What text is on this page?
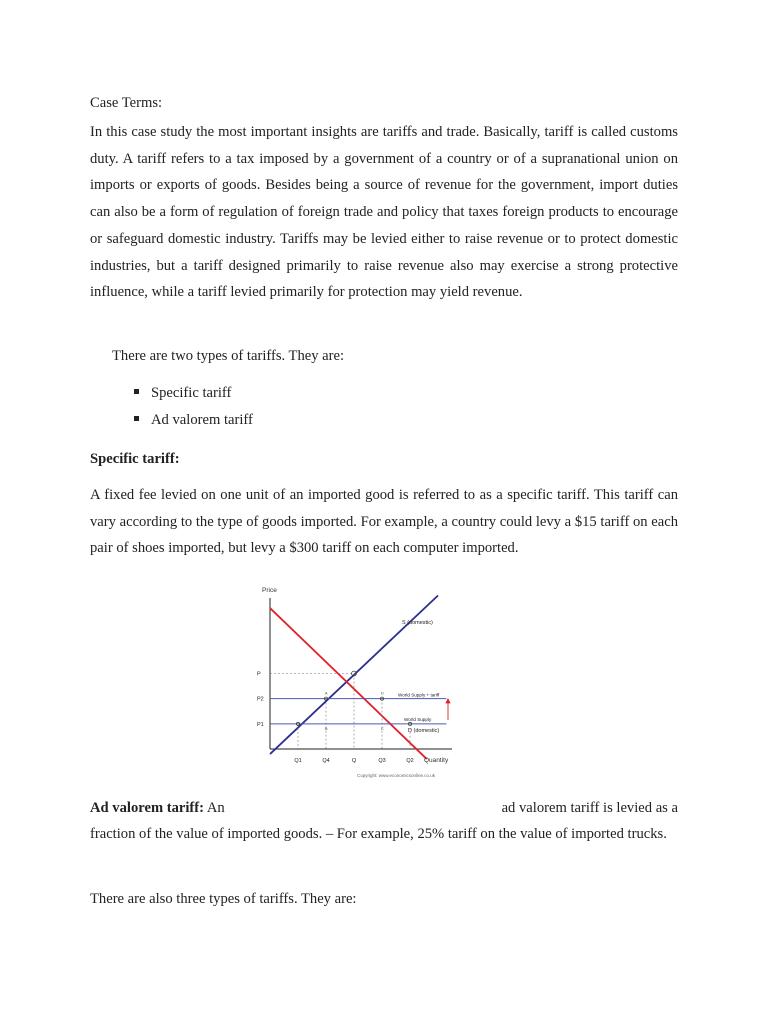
Case Terms:
In this case study the most important insights are tariffs and trade. Basically, tariff is called customs duty. A tariff refers to a tax imposed by a government of a country or of a supranational union on imports or exports of goods. Besides being a source of revenue for the government, import duties can also be a form of regulation of foreign trade and policy that taxes foreign products to encourage or safeguard domestic industry. Tariffs may be levied either to raise revenue or to protect domestic industries, but a tariff designed primarily to raise revenue also may exercise a strong protective influence, while a tariff levied primarily for protection may yield revenue.
There are two types of tariffs. They are:
Specific tariff
Ad valorem tariff
Specific tariff:
A fixed fee levied on one unit of an imported good is referred to as a specific tariff. This tariff can vary according to the type of goods imported. For example, a country could levy a $15 tariff on each pair of shoes imported, but levy a $300 tariff on each computer imported.
Price
S (domestic)
D (domestic)
World Supply + tariff
World Supply
A
B	C
D
P
P2
P1
Q1	Q4	Q	Q3	Q2 Quantity
Copyright: www.economicsonline.co.uk
Ad valorem tariff: An	ad valorem tariff is levied as a
fraction of the value of imported goods. – For example, 25% tariff on the value of imported trucks.
There are also three types of tariffs. They are:
